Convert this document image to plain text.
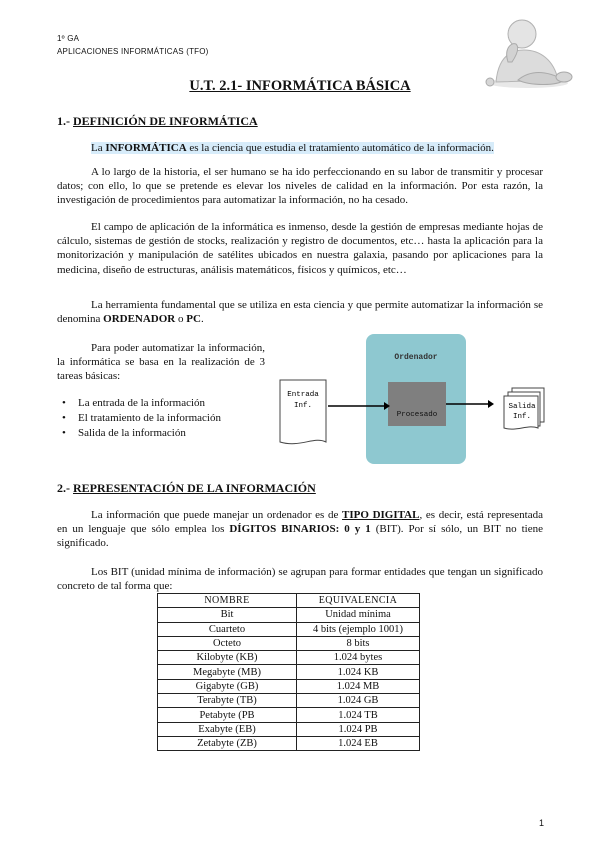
1º GA
APLICACIONES INFORMÁTICAS (TFO)
U.T. 2.1- INFORMÁTICA BÁSICA
1.- DEFINICIÓN DE INFORMÁTICA
La INFORMÁTICA es la ciencia que estudia el tratamiento automático de la información.
A lo largo de la historia, el ser humano se ha ido perfeccionando en su labor de transmitir y procesar datos; con ello, lo que se pretende es elevar los niveles de calidad en la información. Por esta razón, la investigación de procedimientos para automatizar la información, no ha cesado.
El campo de aplicación de la informática es inmenso, desde la gestión de empresas mediante hojas de cálculo, sistemas de gestión de stocks, realización y registro de documentos, etc… hasta la aplicación para la monitorización y manipulación de satélites ubicados en nuestra galaxia, pasando por aplicaciones para la medicina, diseño de estructuras, análisis matemáticos, físicos y químicos, etc…
La herramienta fundamental que se utiliza en esta ciencia y que permite automatizar la información se denomina ORDENADOR o PC.
Para poder automatizar la información, la informática se basa en la realización de 3 tareas básicas:
• La entrada de la información
• El tratamiento de la información
• Salida de la información
Ordenador
Procesado
Entrada
Inf.	Salida
Inf.
2.- REPRESENTACIÓN DE LA INFORMACIÓN
La información que puede manejar un ordenador es de TIPO DIGITAL, es decir, está representada en un lenguaje que sólo emplea los DÍGITOS BINARIOS: 0 y 1 (BIT). Por sí sólo, un BIT no tiene significado.
Los BIT (unidad mínima de información) se agrupan para formar entidades que tengan un significado concreto de tal forma que:
NOMBRE	EQUIVALENCIA
Bit	Unidad mínima
Cuarteto	4 bits (ejemplo 1001)
Octeto	8 bits
Kilobyte (KB)	1.024 bytes
Megabyte (MB)	1.024 KB
Gigabyte (GB)	1.024 MB
Terabyte (TB)	1.024 GB
Petabyte (PB	1.024 TB
Exabyte (EB)	1.024 PB
Zetabyte (ZB)	1.024 EB
1
